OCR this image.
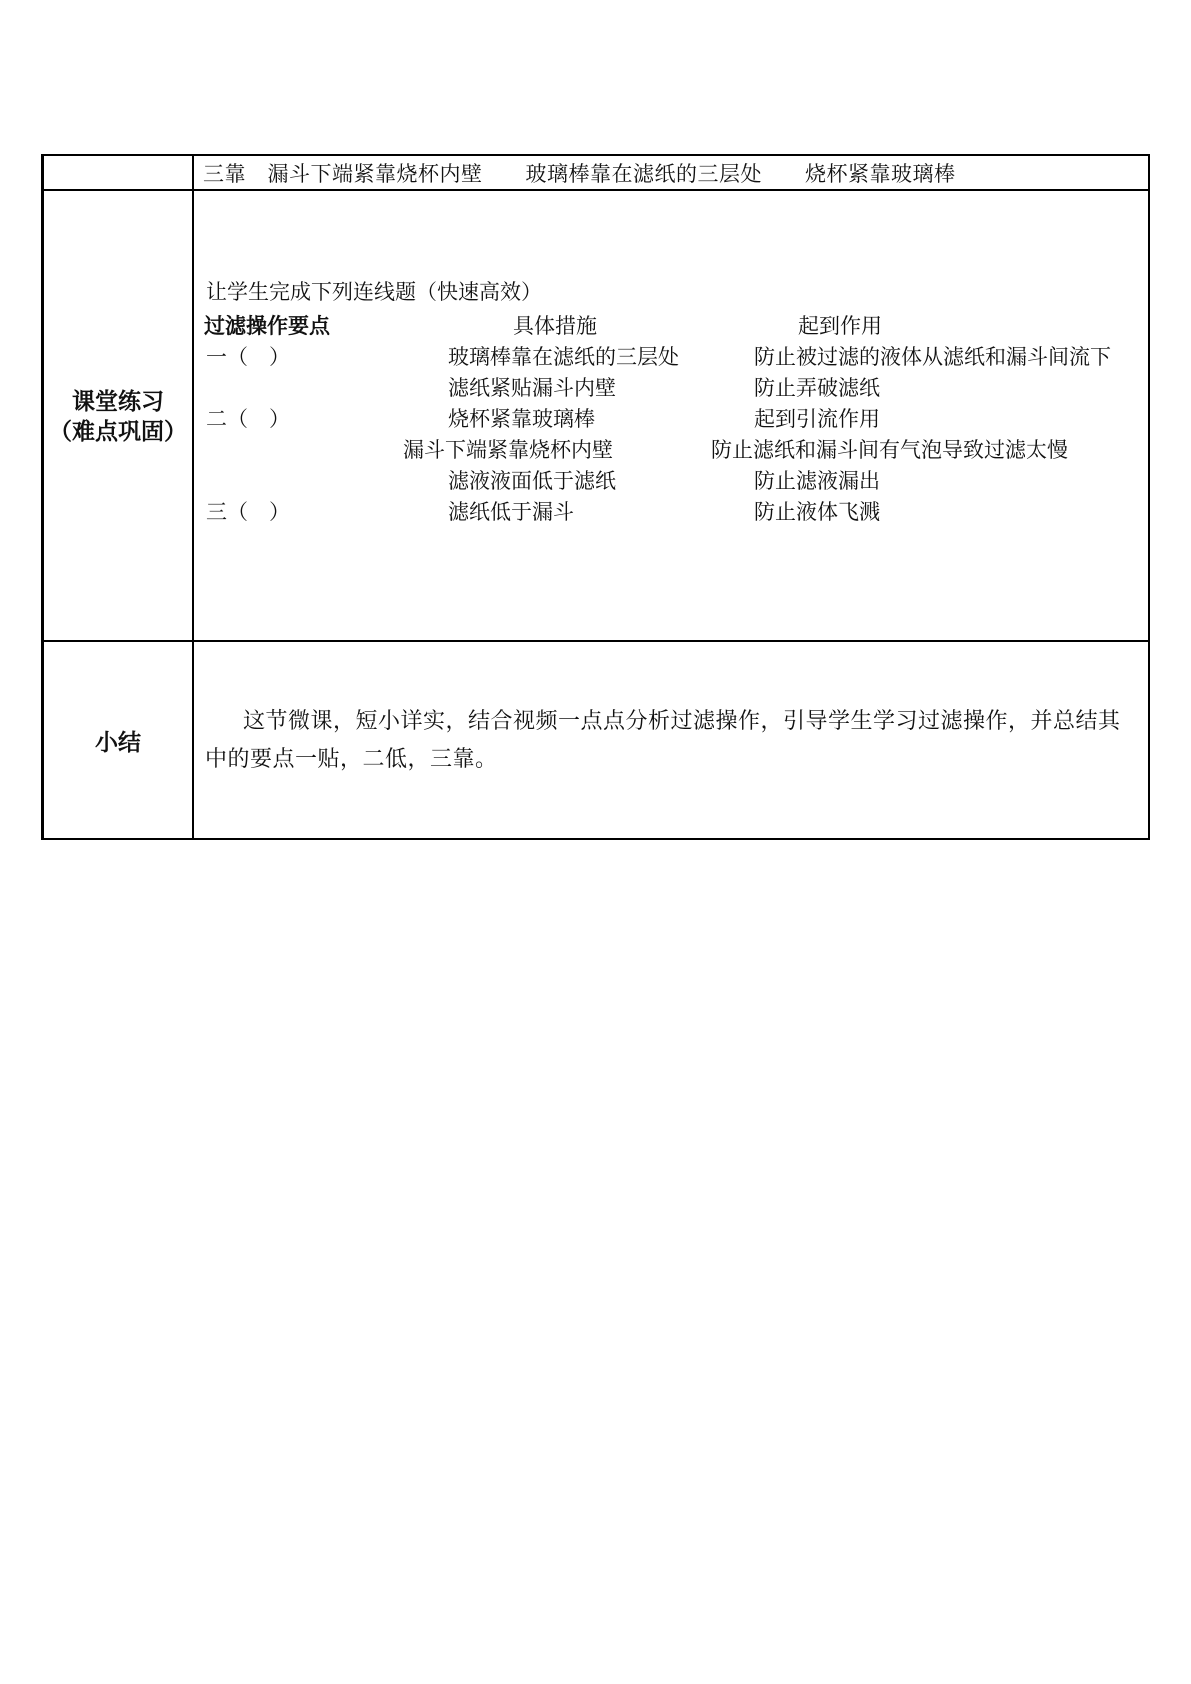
三靠　漏斗下端紧靠烧杯内壁　　玻璃棒靠在滤纸的三层处　　烧杯紧靠玻璃棒
课堂练习
（难点巩固）
让学生完成下列连线题（快速高效）
过滤操作要点	具体措施	起到作用
一（　）	玻璃棒靠在滤纸的三层处	防止被过滤的液体从滤纸和漏斗间流下
滤纸紧贴漏斗内壁	防止弄破滤纸
二（　）	烧杯紧靠玻璃棒	起到引流作用
漏斗下端紧靠烧杯内壁	防止滤纸和漏斗间有气泡导致过滤太慢
滤液液面低于滤纸	防止滤液漏出
三（　）	滤纸低于漏斗	防止液体飞溅
小结

这节微课，短小详实，结合视频一点点分析过滤操作，引导学生学习过滤操作，并总结其中的要点一贴，二低，三靠。
